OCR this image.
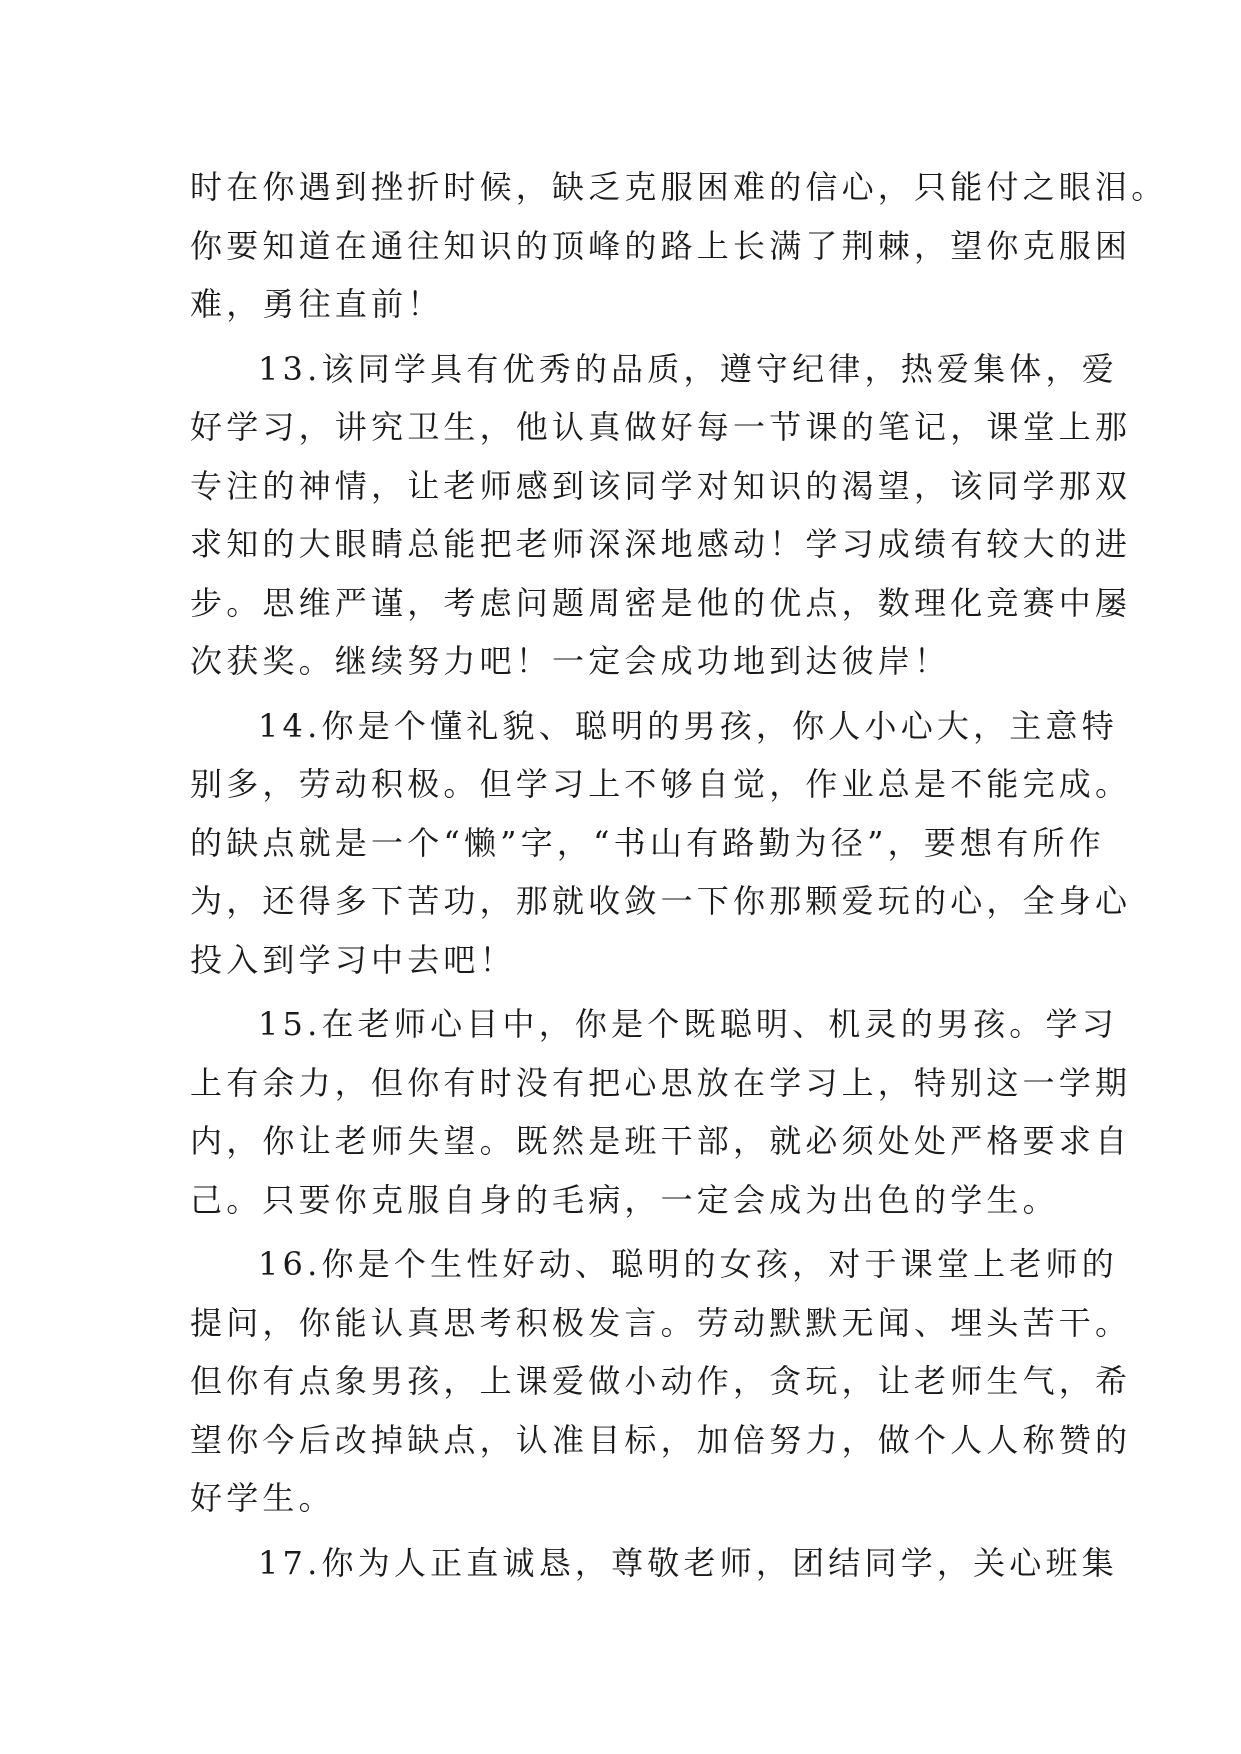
时在你遇到挫折时候，缺乏克服困难的信心，只能付之眼泪。
你要知道在通往知识的顶峰的路上长满了荆棘，望你克服困
难，勇往直前！
13.该同学具有优秀的品质，遵守纪律，热爱集体，爱
好学习，讲究卫生，他认真做好每一节课的笔记，课堂上那
专注的神情，让老师感到该同学对知识的渴望，该同学那双
求知的大眼睛总能把老师深深地感动！学习成绩有较大的进
步。思维严谨，考虑问题周密是他的优点，数理化竞赛中屡
次获奖。继续努力吧！一定会成功地到达彼岸！
14.你是个懂礼貌、聪明的男孩，你人小心大，主意特
别多，劳动积极。但学习上不够自觉，作业总是不能完成。
的缺点就是一个“懒”字，“书山有路勤为径”，要想有所作
为，还得多下苦功，那就收敛一下你那颗爱玩的心，全身心
投入到学习中去吧！
15.在老师心目中，你是个既聪明、机灵的男孩。学习
上有余力，但你有时没有把心思放在学习上，特别这一学期
内，你让老师失望。既然是班干部，就必须处处严格要求自
己。只要你克服自身的毛病，一定会成为出色的学生。
16.你是个生性好动、聪明的女孩，对于课堂上老师的
提问，你能认真思考积极发言。劳动默默无闻、埋头苦干。
但你有点象男孩，上课爱做小动作，贪玩，让老师生气，希
望你今后改掉缺点，认准目标，加倍努力，做个人人称赞的
好学生。
17.你为人正直诚恳，尊敬老师，团结同学，关心班集
